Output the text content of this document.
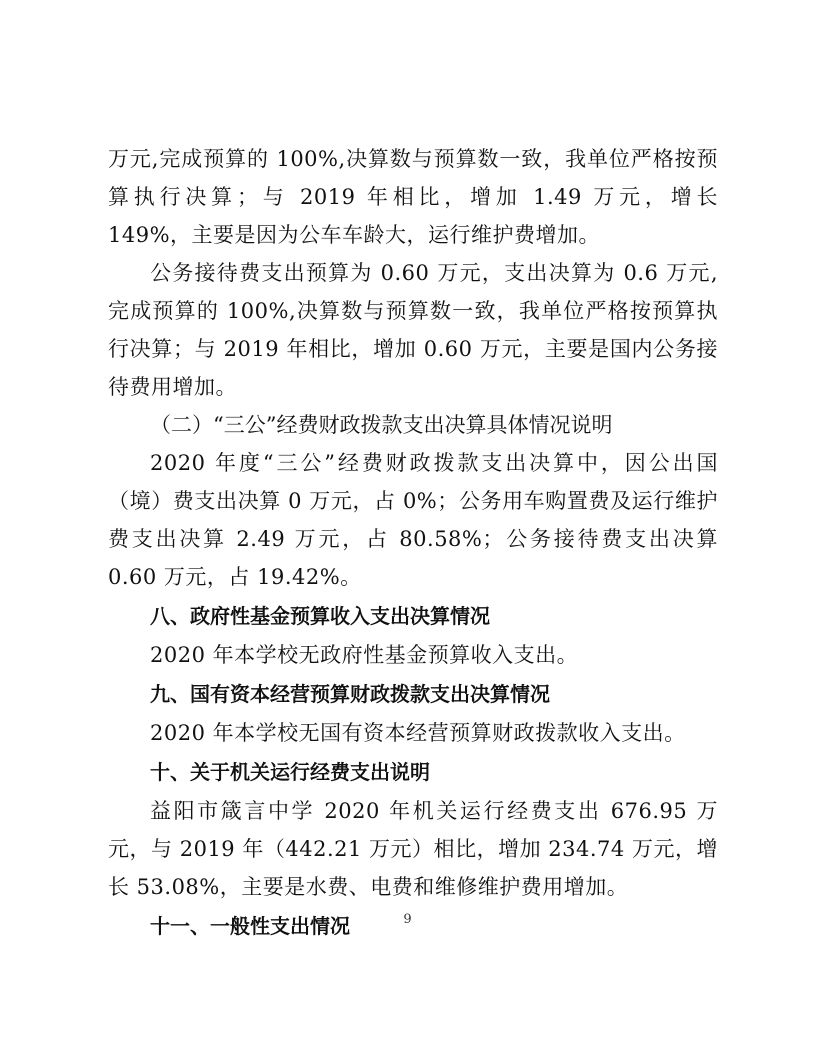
万元,完成预算的 100%,决算数与预算数一致，我单位严格按预算执行决算；与 2019 年相比，增加 1.49 万元，增长 149%，主要是因为公车车龄大，运行维护费增加。

公务接待费支出预算为 0.60 万元，支出决算为 0.6 万元,完成预算的 100%,决算数与预算数一致，我单位严格按预算执行决算；与 2019 年相比，增加 0.60 万元，主要是国内公务接待费用增加。

（二）“三公”经费财政拨款支出决算具体情况说明

2020 年度“三公”经费财政拨款支出决算中，因公出国（境）费支出决算 0 万元，占 0%；公务用车购置费及运行维护费支出决算 2.49 万元，占 80.58%；公务接待费支出决算 0.60 万元，占 19.42%。

八、政府性基金预算收入支出决算情况

2020 年本学校无政府性基金预算收入支出。

九、国有资本经营预算财政拨款支出决算情况

2020 年本学校无国有资本经营预算财政拨款收入支出。

十、关于机关运行经费支出说明

益阳市箴言中学 2020 年机关运行经费支出 676.95 万元，与 2019 年（442.21 万元）相比，增加 234.74 万元，增长 53.08%，主要是水费、电费和维修维护费用增加。

十一、一般性支出情况	9
